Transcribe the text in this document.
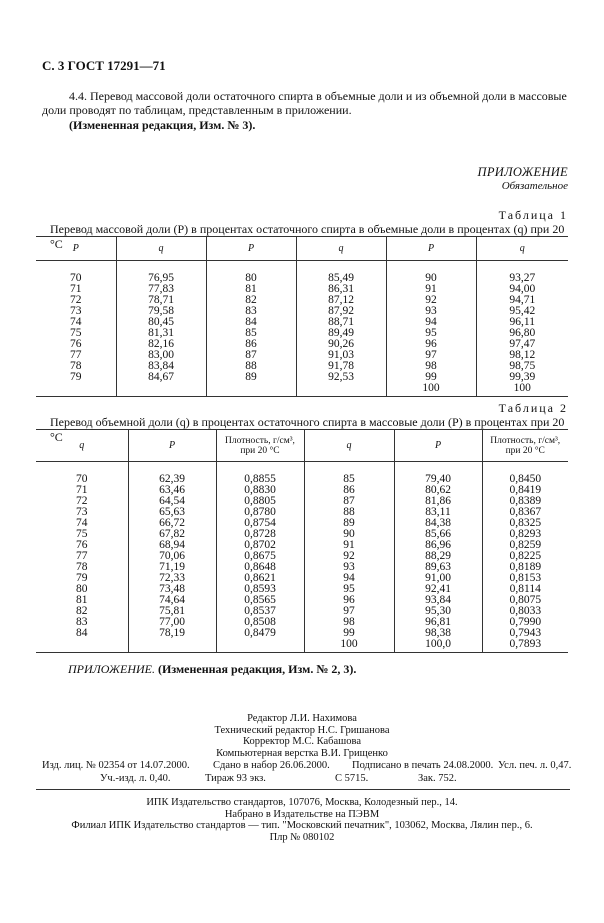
С. 3 ГОСТ 17291—71
4.4. Перевод массовой доли остаточного спирта в объемные доли и из объемной доли в массовые доли проводят по таблицам, представленным в приложении.
(Измененная редакция, Изм. № 3).
ПРИЛОЖЕНИЕ
Обязательное
Таблица 1
Перевод массовой доли (P) в процентах остаточного спирта в объемные доли в процентах (q) при 20 °C P	q	P	q	P	q

70	76,95	80	85,49	90	93,27
71	77,83	81	86,31	91	94,00
72	78,71	82	87,12	92	94,71
73	79,58	83	87,92	93	95,42
74	80,45	84	88,71	94	96,11
75	81,31	85	89,49	95	96,80
76	82,16	86	90,26	96	97,47
77	83,00	87	91,03	97	98,12
78	83,84	88	91,78	98	98,75
79	84,67	89	92,53	99	99,39
				100	100
Таблица 2
Перевод объемной доли (q) в процентах остаточного спирта в массовые доли (P) в процентах при 20 °C
q	P	Плотность, г/см³, при 20 °C	q	P	Плотность, г/см³, при 20 °C

70	62,39	0,8855	85	79,40	0,8450
71	63,46	0,8830	86	80,62	0,8419
72	64,54	0,8805	87	81,86	0,8389
73	65,63	0,8780	88	83,11	0,8367
74	66,72	0,8754	89	84,38	0,8325
75	67,82	0,8728	90	85,66	0,8293
76	68,94	0,8702	91	86,96	0,8259
77	70,06	0,8675	92	88,29	0,8225
78	71,19	0,8648	93	89,63	0,8189
79	72,33	0,8621	94	91,00	0,8153
80	73,48	0,8593	95	92,41	0,8114
81	74,64	0,8565	96	93,84	0,8075
82	75,81	0,8537	97	95,30	0,8033
83	77,00	0,8508	98	96,81	0,7990
84	78,19	0,8479	99	98,38	0,7943
			100	100,0	0,7893
ПРИЛОЖЕНИЕ. (Измененная редакция, Изм. № 2, 3).
Редактор Л.И. Нахимова
Технический редактор Н.С. Гришанова
Корректор М.С. Кабашова
Компьютерная верстка В.И. Грищенко
Изд. лиц. № 02354 от 14.07.2000. Сдано в набор 26.06.2000. Подписано в печать 24.08.2000. Усл. печ. л. 0,47.
Уч.-изд. л. 0,40.	Тираж 93 экз.	С 5715.	Зак. 752.
ИПК Издательство стандартов, 107076, Москва, Колодезный пер., 14.
Набрано в Издательстве на ПЭВМ
Филиал ИПК Издательство стандартов — тип. "Московский печатник", 103062, Москва, Лялин пер., 6.
Плр № 080102
